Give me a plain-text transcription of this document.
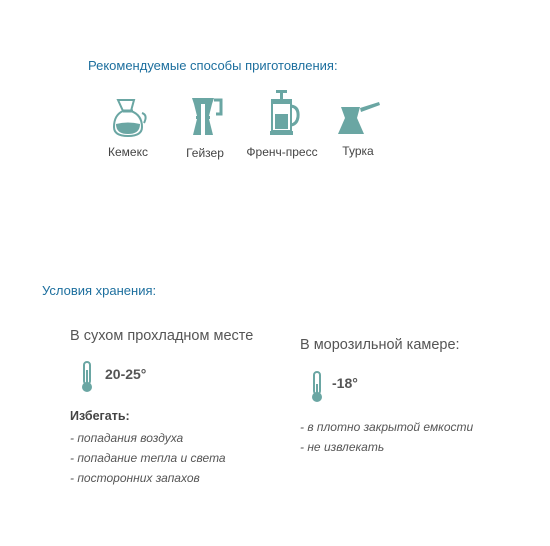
Рекомендуемые способы приготовления:
Кемекс	Гейзер	Френч-пресс	Турка
Условия хранения:
В сухом прохладном месте
20-25°
Избегать:
- попадания воздуха
- попадание тепла и света
- посторонних запахов
В морозильной камере:
-18°
- в плотно закрытой емкости
- не извлекать
